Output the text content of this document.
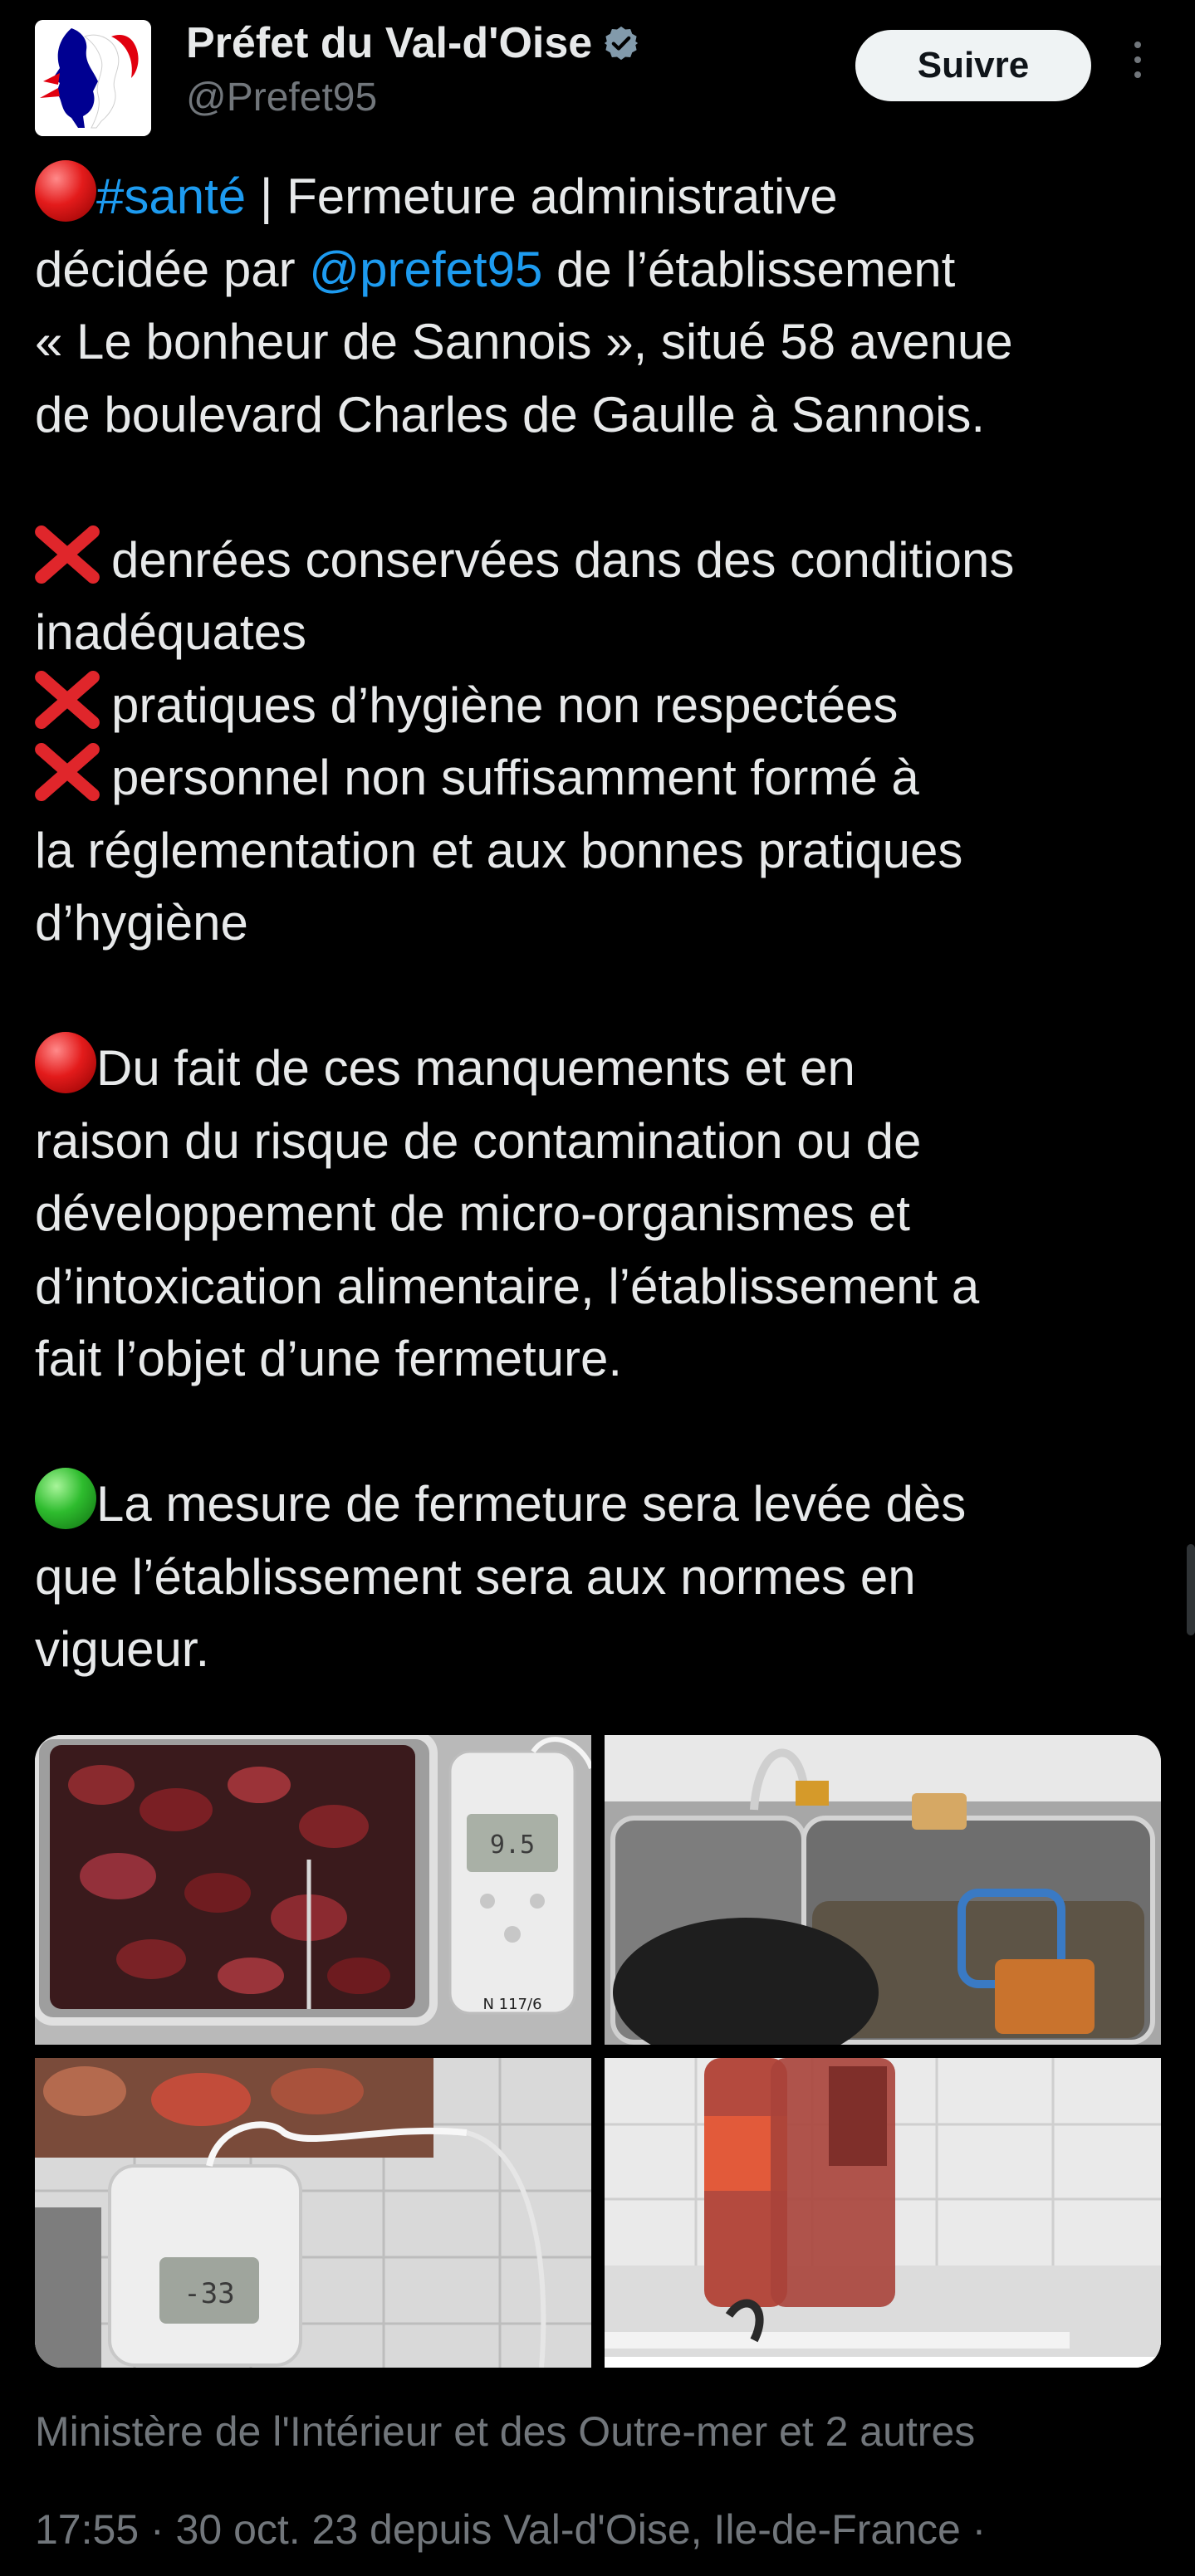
Préfet du Val-d'Oise
@Prefet95
Suivre
#santé | Fermeture administrative
décidée par @prefet95 de l’établissement
« Le bonheur de Sannois », situé 58 avenue
de boulevard Charles de Gaulle à Sannois.
denrées conservées dans des conditions
inadéquates
pratiques d’hygiène non respectées
personnel non suffisamment formé à
la réglementation et aux bonnes pratiques
d’hygiène
Du fait de ces manquements et en
raison du risque de contamination ou de
développement de micro-organismes et
d’intoxication alimentaire, l’établissement a
fait l’objet d’une fermeture.
La mesure de fermeture sera levée dès
que l’établissement sera aux normes en
vigueur.
9.5
N 117/6
-33
Ministère de l'Intérieur et des Outre-mer et 2 autres
17:55 · 30 oct. 23 depuis Val-d'Oise, Ile-de-France ·
